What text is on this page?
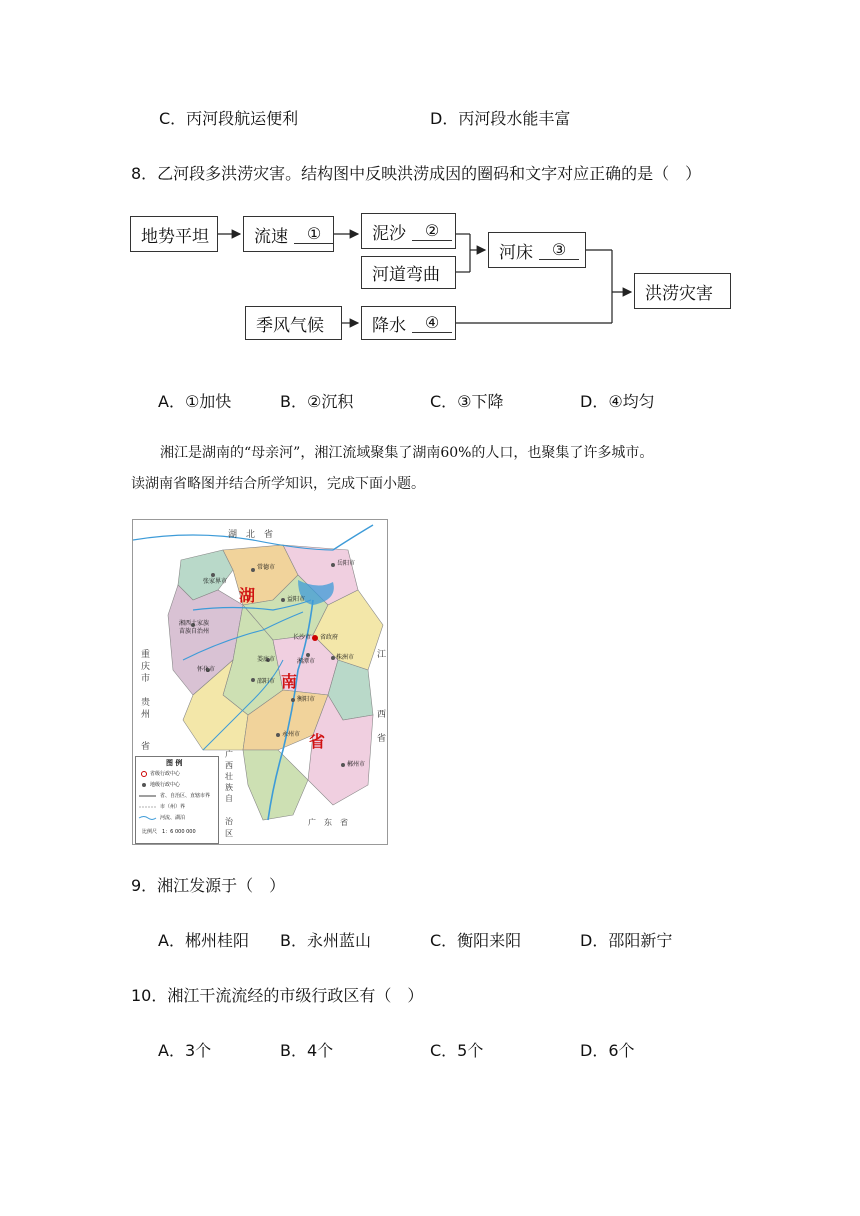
C．丙河段航运便利	D．丙河段水能丰富
8．乙河段多洪涝灾害。结构图中反映洪涝成因的圈码和文字对应正确的是（　）
地势平坦	流速	①	泥沙	②
河道弯曲
河床	③
洪涝灾害
季风气候	降水	④
A．①加快	B．②沉积	C．③下降	D．④均匀
湘江是湖南的“母亲河”，湘江流域聚集了湖南60%的人口，也聚集了许多城市。
读湖南省略图并结合所学知识，完成下面小题。
湖　北　省
重
庆
市
贵
州
省
江
西
省
广　东　省
广
西
壮
族
自
治
区
湖
南
省
张家界市
常德市
岳阳市
益阳市
长沙市 省政府
湘潭市
株洲市
娄底市
邵阳市
衡阳市
永州市
郴州市
怀化市
湘西土家族苗族自治州
图 例
省级行政中心
地级行政中心
省、自治区、直辖市界
市（州）界
河流、湖泊
比例尺　1：6 000 000
9．湘江发源于（　）
A．郴州桂阳 B．永州蓝山	C．衡阳来阳	D．邵阳新宁
10．湘江干流流经的市级行政区有（　）
A．3个	B．4个	C．5个	D．6个
